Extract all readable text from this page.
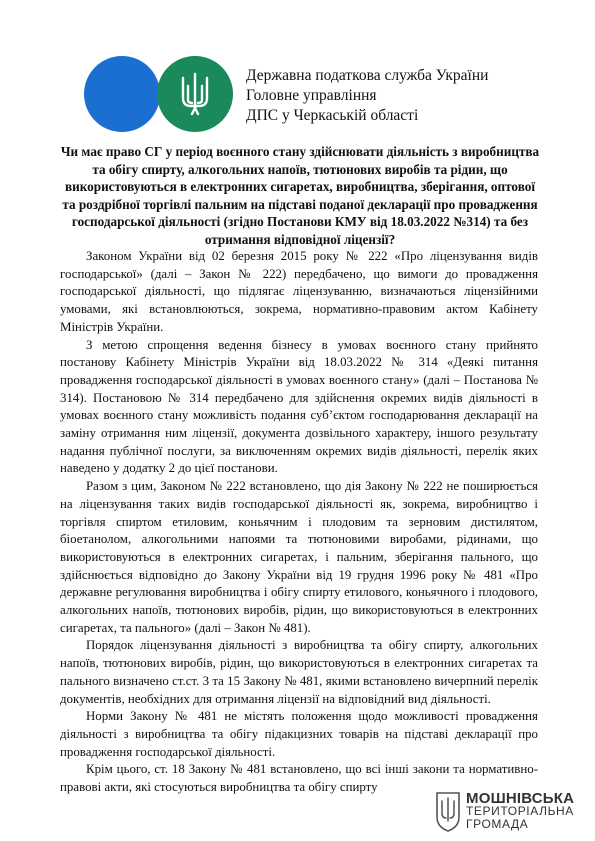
Державна податкова служба України
Головне управління
ДПС у Черкаській області
Чи має право СГ у період воєнного стану здійснювати діяльність з виробництва та обігу спирту, алкогольних напоїв, тютюнових виробів та рідин, що використовуються в електронних сигаретах, виробництва, зберігання, оптової та роздрібної торгівлі пальним на підставі поданої декларації про провадження господарської діяльності (згідно Постанови КМУ від 18.03.2022 №314) та без отримання відповідної ліцензії?

Законом України від 02 березня 2015 року № 222 «Про ліцензування видів господарської» (далі – Закон № 222) передбачено, що вимоги до провадження господарської діяльності, що підлягає ліцензуванню, визначаються ліцензійними умовами, які встановлюються, зокрема, нормативно-правовим актом Кабінету Міністрів України.

З метою спрощення ведення бізнесу в умовах воєнного стану прийнято постанову Кабінету Міністрів України від 18.03.2022 № 314 «Деякі питання провадження господарської діяльності в умовах воєнного стану» (далі – Постанова № 314). Постановою № 314 передбачено для здійснення окремих видів діяльності в умовах воєнного стану можливість подання суб’єктом господарювання декларації на заміну отримання ним ліцензії, документа дозвільного характеру, іншого результату надання публічної послуги, за виключенням окремих видів діяльності, перелік яких наведено у додатку 2 до цієї постанови.

Разом з цим, Законом № 222 встановлено, що дія Закону № 222 не поширюється на ліцензування таких видів господарської діяльності як, зокрема, виробництво і торгівля спиртом етиловим, коньячним і плодовим та зерновим дистилятом, біоетанолом, алкогольними напоями та тютюновими виробами, рідинами, що використовуються в електронних сигаретах, і пальним, зберігання пального, що здійснюється відповідно до Закону України від 19 грудня 1996 року № 481 «Про державне регулювання виробництва і обігу спирту етилового, коньячного і плодового, алкогольних напоїв, тютюнових виробів, рідин, що використовуються в електронних сигаретах, та пального» (далі – Закон № 481).

Порядок ліцензування діяльності з виробництва та обігу спирту, алкогольних напоїв, тютюнових виробів, рідин, що використовуються в електронних сигаретах та пального визначено ст.ст. 3 та 15 Закону № 481, якими встановлено вичерпний перелік документів, необхідних для отримання ліцензії на відповідний вид діяльності.

Норми Закону № 481 не містять положення щодо можливості провадження діяльності з виробництва та обігу підакцизних товарів на підставі декларації про провадження господарської діяльності.

Крім цього, ст. 18 Закону № 481 встановлено, що всі інші закони та нормативно-правові акти, які стосуються виробництва та обігу спирту

МОШНІВСЬКА
ТЕРИТОРІАЛЬНА
ГРОМАДА
